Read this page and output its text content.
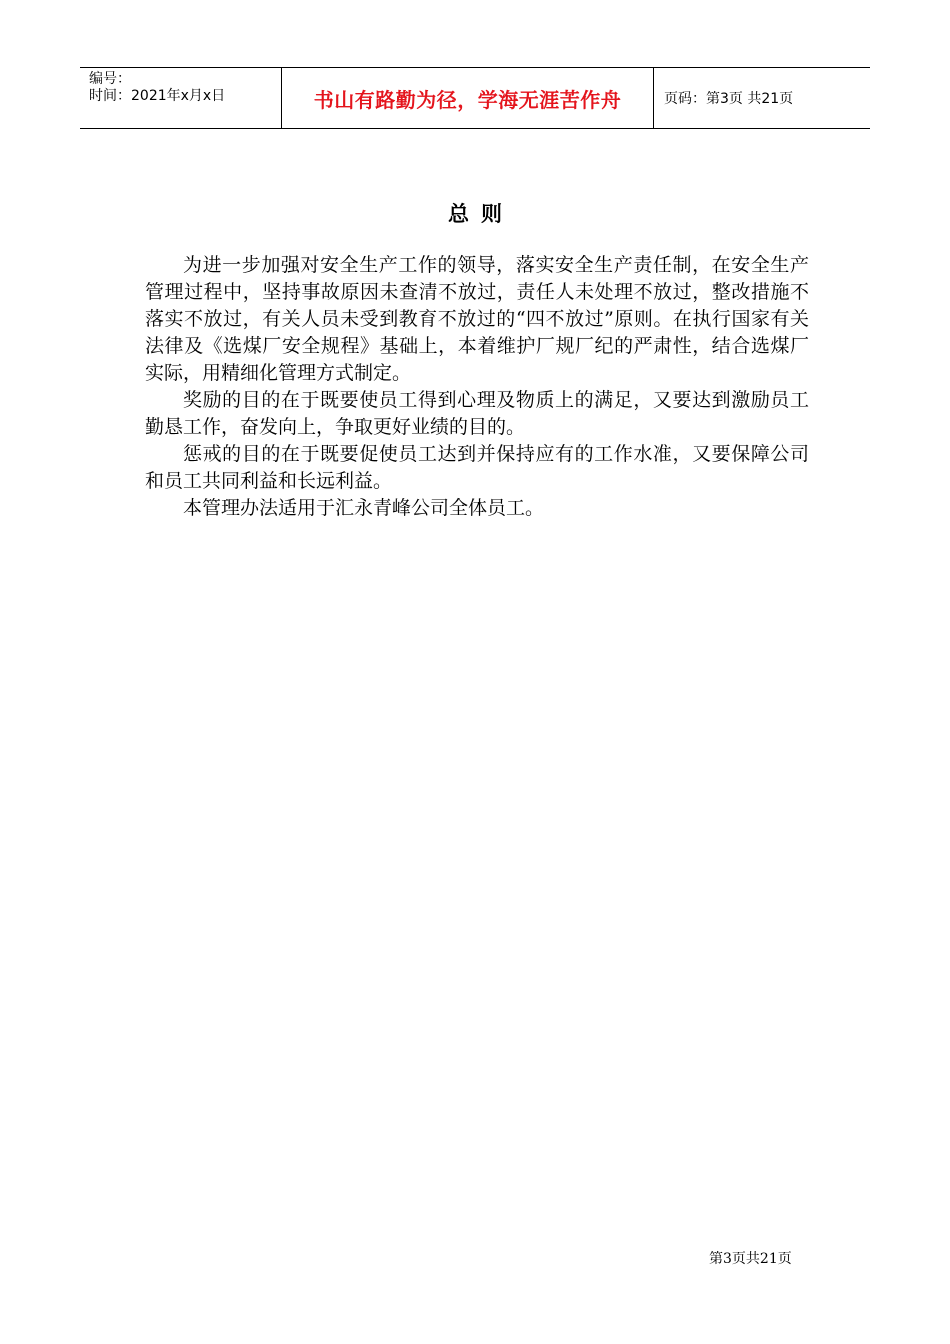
编号：
时间：2021年x月x日	书山有路勤为径，学海无涯苦作舟	页码：第3页 共21页
总则

为进一步加强对安全生产工作的领导，落实安全生产责任制，在安全生产管理过程中，坚持事故原因未查清不放过，责任人未处理不放过，整改措施不落实不放过，有关人员未受到教育不放过的“四不放过”原则。在执行国家有关法律及《选煤厂安全规程》基础上，本着维护厂规厂纪的严肃性，结合选煤厂实际，用精细化管理方式制定。

奖励的目的在于既要使员工得到心理及物质上的满足，又要达到激励员工勤恳工作，奋发向上，争取更好业绩的目的。

惩戒的目的在于既要促使员工达到并保持应有的工作水准，又要保障公司和员工共同利益和长远利益。

本管理办法适用于汇永青峰公司全体员工。

第3页共21页
